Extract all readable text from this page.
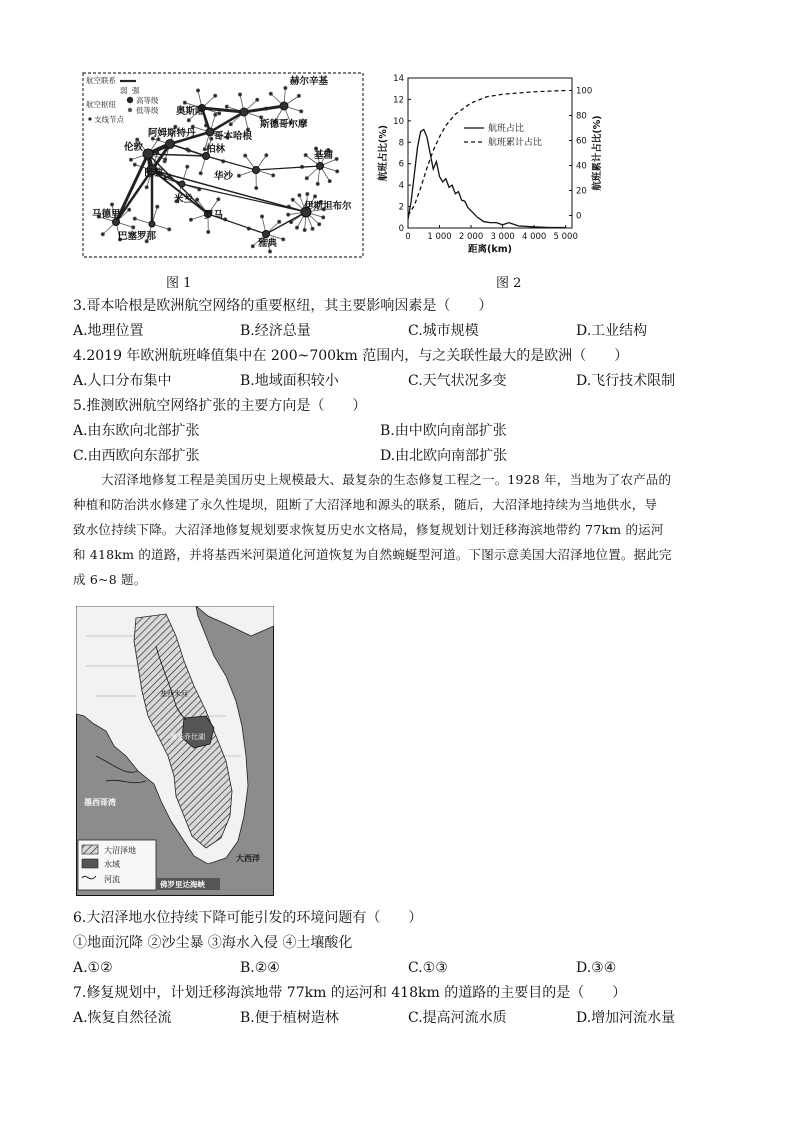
航空联系
弱 强
高等级
航空枢纽
低等级
支线节点
奥斯陆
赫尔辛基
斯德哥尔摩
哥本哈根
阿姆斯特丹
伦敦	柏林
巴黎
基辅
华沙
米兰
罗马
马德里
巴塞罗那
伊斯坦布尔
雅典
图 1
0 1 000 2 000 3 000 4 000 5 000
0
2
4
6
8
10
12
14
0
20
40
60
80
100
距离(km)
航班占比(%)	航班累计占比(%)
航班占比
航班累计占比
图 2
3.哥本哈根是欧洲航空网络的重要枢纽，其主要影响因素是（　　）
A.地理位置	B.经济总量	C.城市规模	D.工业结构
4.2019 年欧洲航班峰值集中在 200~700km 范围内，与之关联性最大的是欧洲（　　）
A.人口分布集中	B.地域面积较小	C.天气状况多变	D.飞行技术限制
5.推测欧洲航空网络扩张的主要方向是（　　）
A.由东欧向北部扩张	B.由中欧向南部扩张
C.由西欧向东部扩张	D.由北欧向南部扩张
大沼泽地修复工程是美国历史上规模最大、最复杂的生态修复工程之一。1928 年，当地为了农产品的
种植和防治洪水修建了永久性堤坝，阻断了大沼泽地和源头的联系，随后，大沼泽地持续为当地供水，导
致水位持续下降。大沼泽地修复规划要求恢复历史水文格局，修复规划计划迁移海滨地带约 77km 的运河
和 418km 的道路，并将基西米河渠道化河道恢复为自然蜿蜒型河道。下图示意美国大沼泽地位置。据此完
成 6~8 题。
基西米河
奥基乔比湖
墨西哥湾
大西洋
大沼泽地
水域
河流
佛罗里达海峡
6.大沼泽地水位持续下降可能引发的环境问题有（　　）
①地面沉降 ②沙尘暴 ③海水入侵 ④土壤酸化
A.①②	B.②④	C.①③	D.③④
7.修复规划中，计划迁移海滨地带 77km 的运河和 418km 的道路的主要目的是（　　）
A.恢复自然径流	B.便于植树造林	C.提高河流水质	D.增加河流水量
